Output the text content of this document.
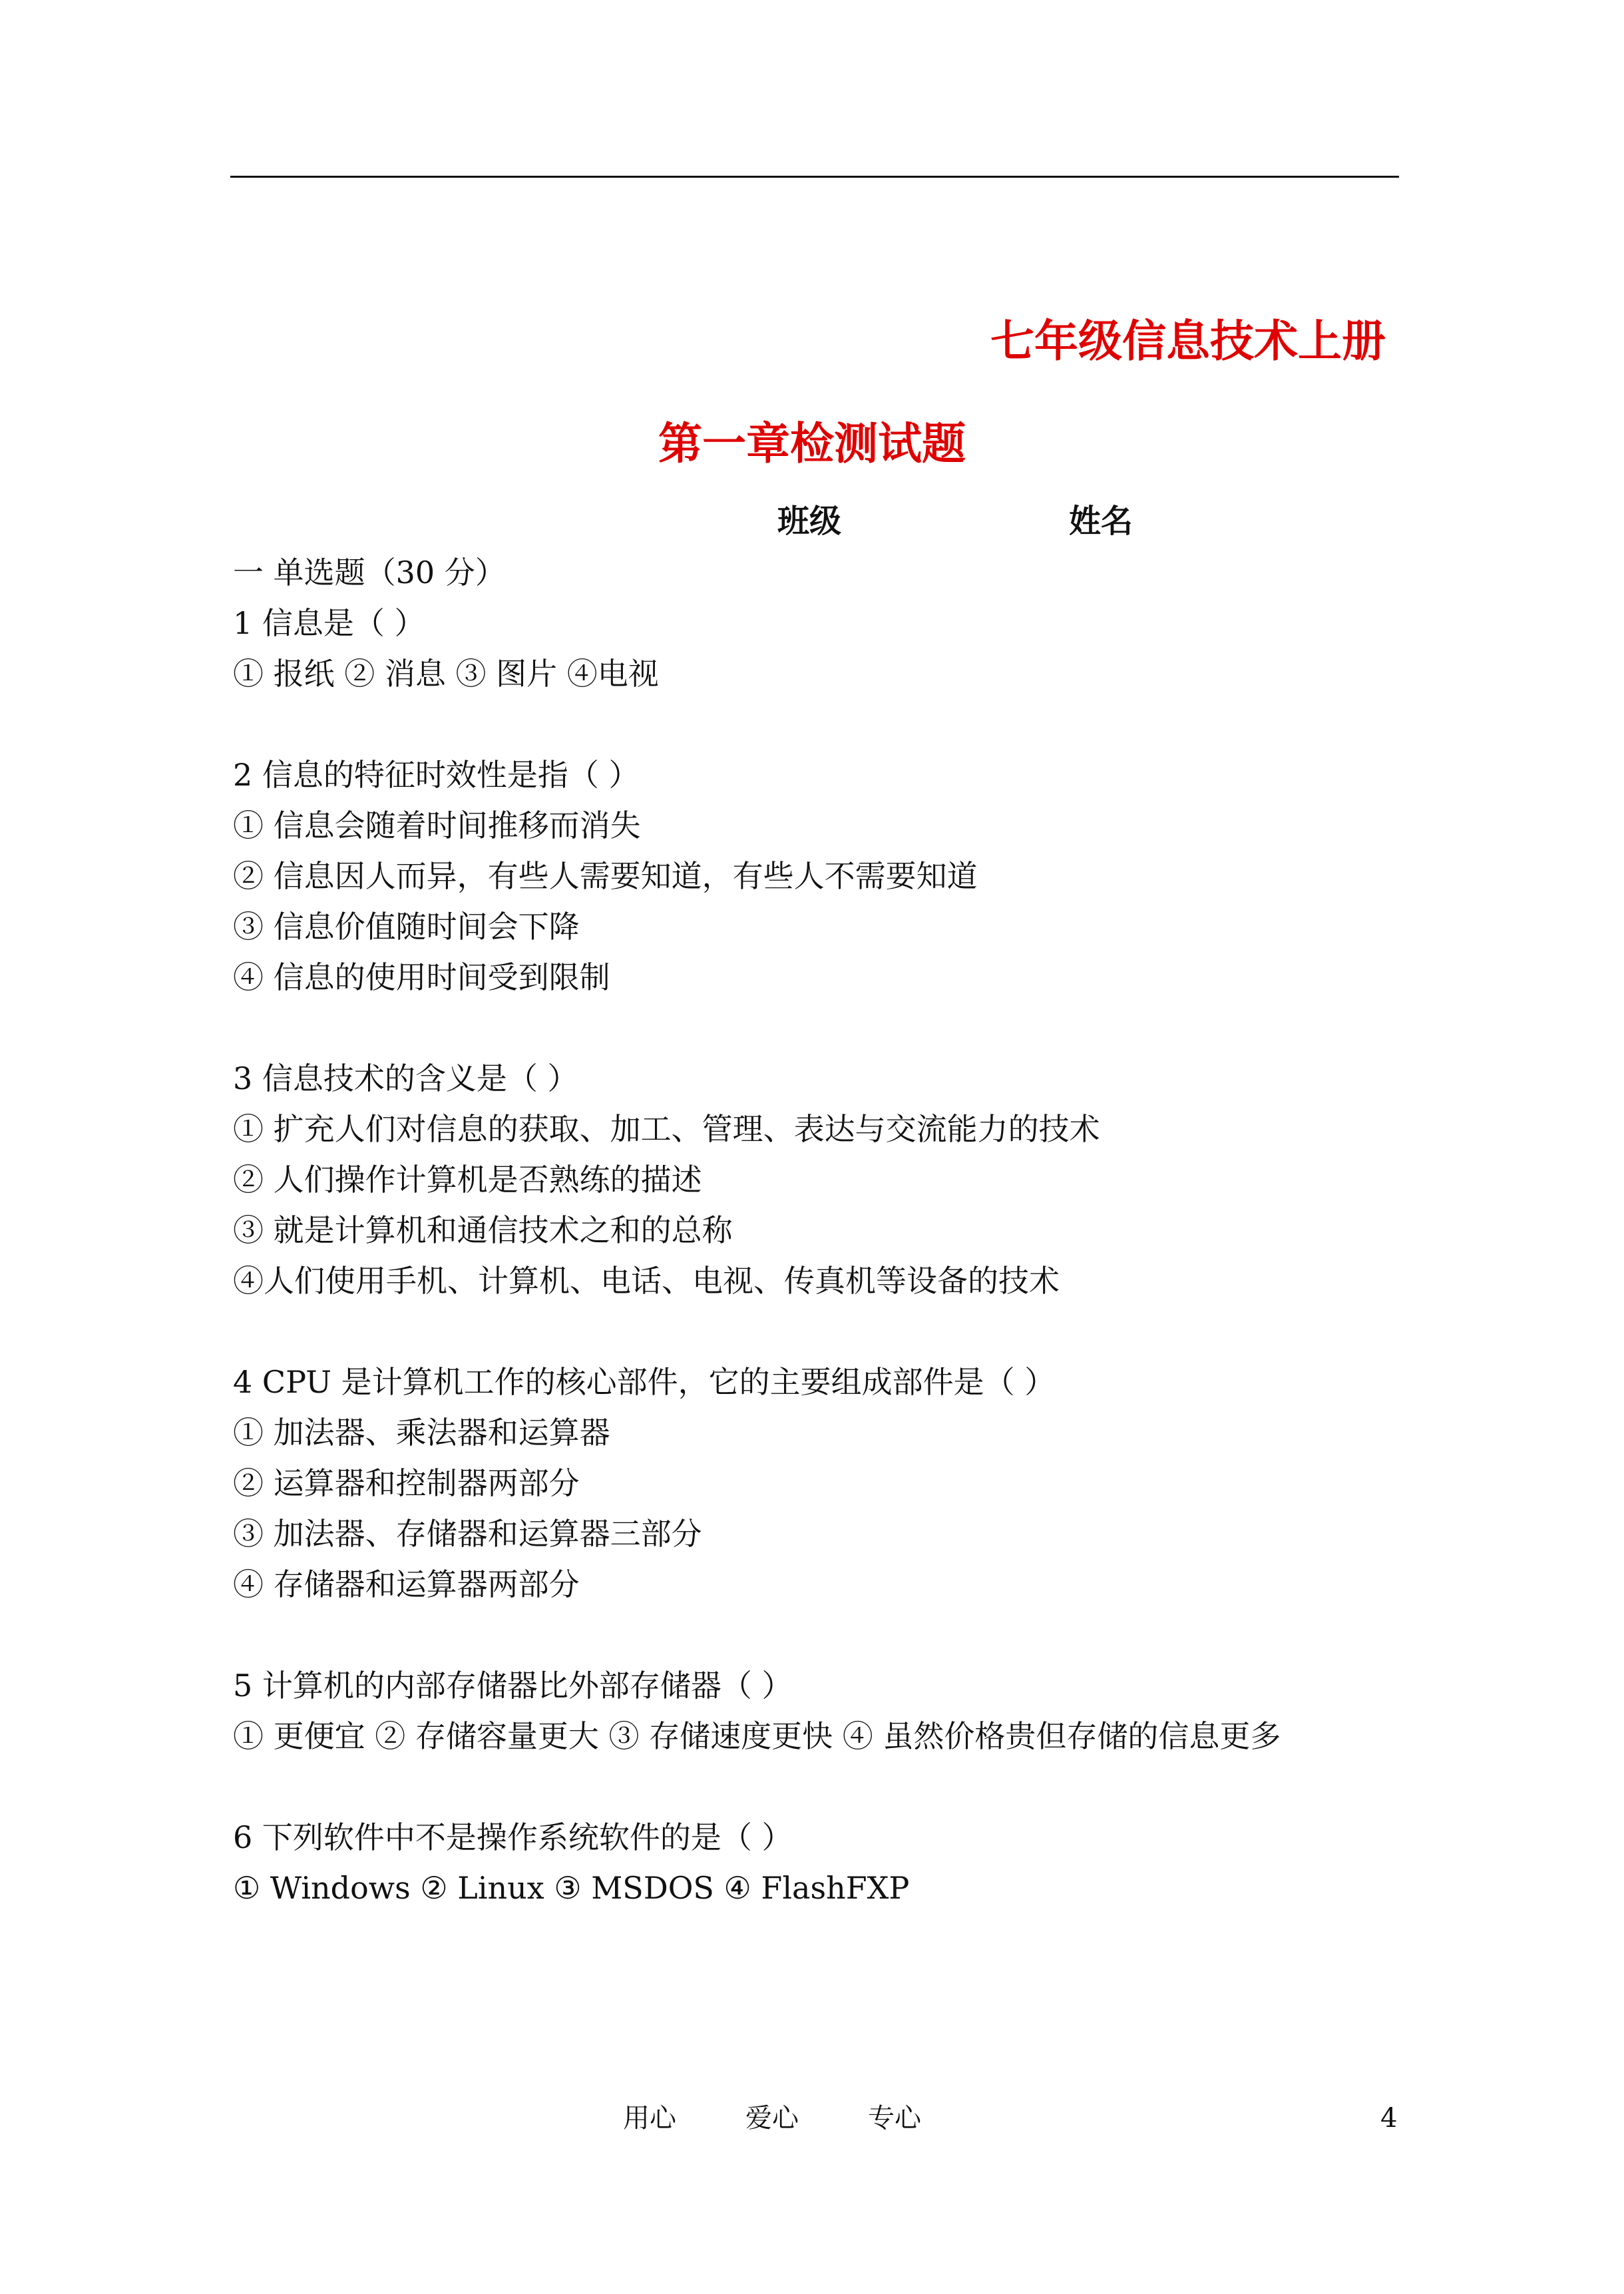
七年级信息技术上册
第一章检测试题
班级	姓名
一 单选题（30 分）
1 信息是（ ）
① 报纸 ② 消息 ③ 图片 ④电视
2 信息的特征时效性是指（ ）
① 信息会随着时间推移而消失
② 信息因人而异，有些人需要知道，有些人不需要知道
③ 信息价值随时间会下降
④ 信息的使用时间受到限制
3 信息技术的含义是（ ）
① 扩充人们对信息的获取、加工、管理、表达与交流能力的技术
② 人们操作计算机是否熟练的描述
③ 就是计算机和通信技术之和的总称
④人们使用手机、计算机、电话、电视、传真机等设备的技术
4 CPU 是计算机工作的核心部件，它的主要组成部件是（ ）
① 加法器、乘法器和运算器
② 运算器和控制器两部分
③ 加法器、存储器和运算器三部分
④ 存储器和运算器两部分
5 计算机的内部存储器比外部存储器（ ）
① 更便宜 ② 存储容量更大 ③ 存储速度更快 ④ 虽然价格贵但存储的信息更多
6 下列软件中不是操作系统软件的是（ ）
① Windows ② Linux ③ MSDOS ④ FlashFXP
用心	爱心	专心	4
